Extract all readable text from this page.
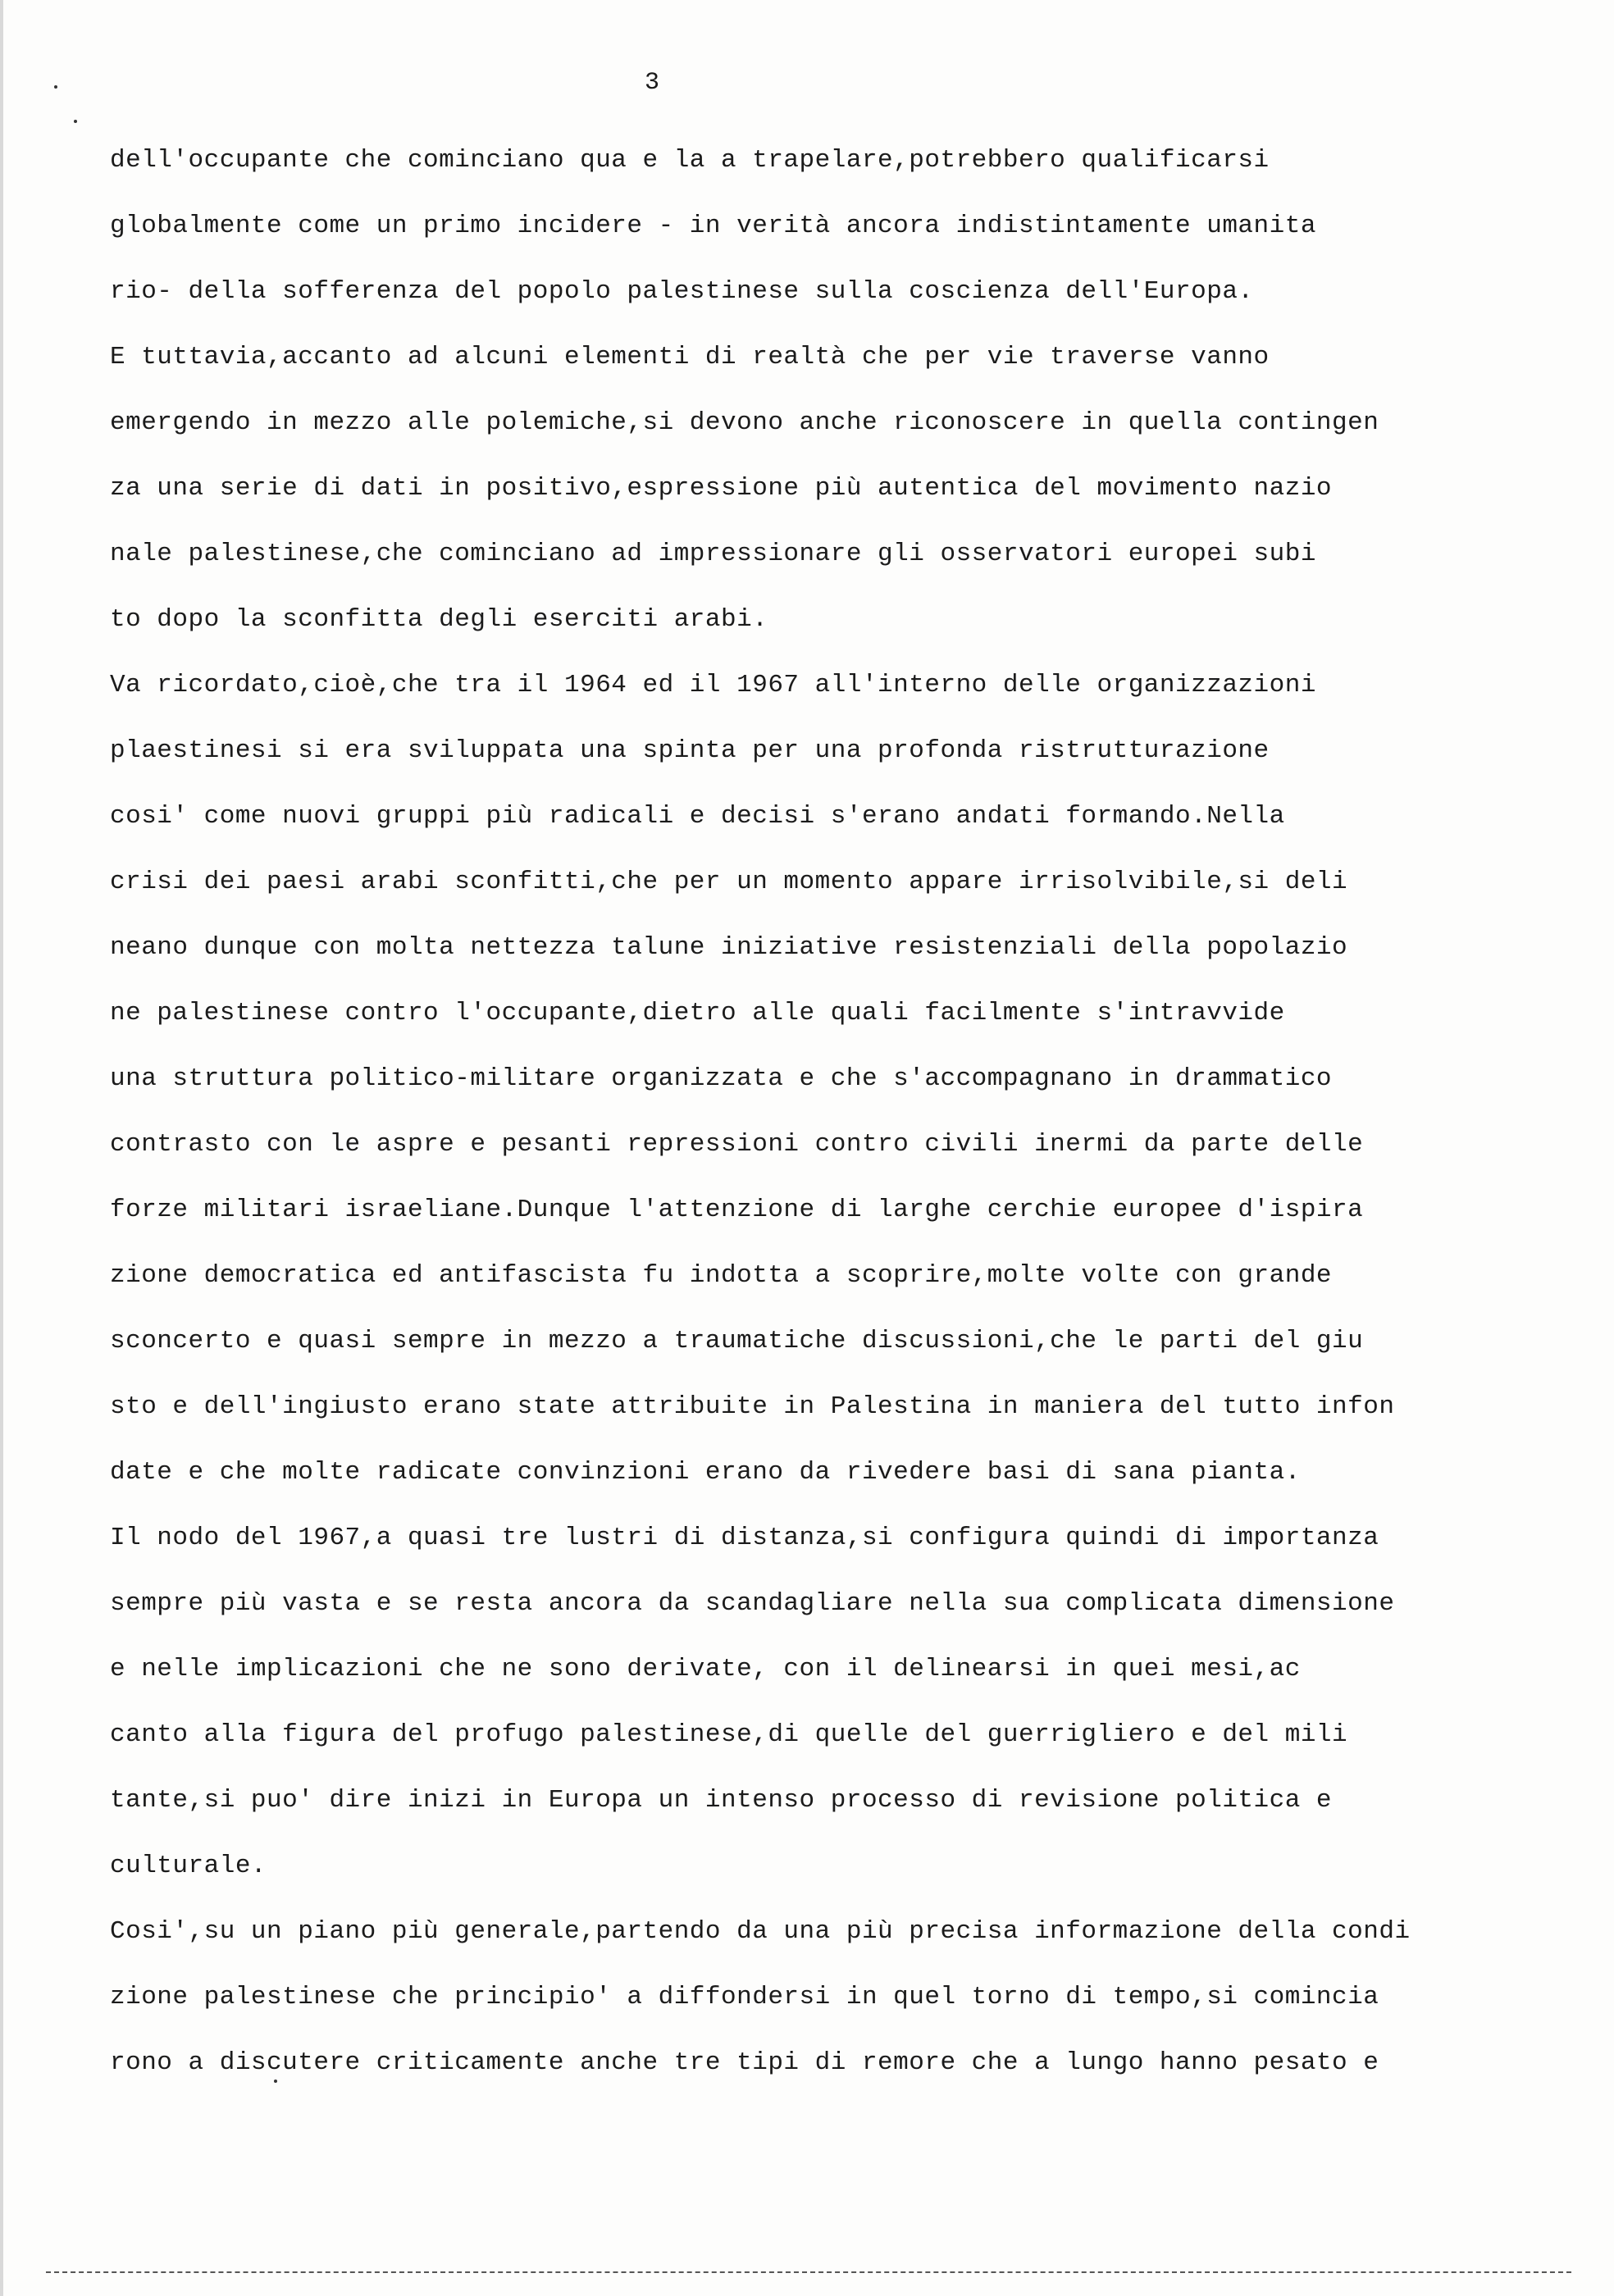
3
dell'occupante che cominciano qua e la a trapelare,potrebbero qualificarsi
globalmente come un primo incidere - in verità ancora indistintamente umanita
rio- della sofferenza del popolo palestinese sulla coscienza dell'Europa.
E tuttavia,accanto ad alcuni elementi di realtà che per vie traverse vanno
emergendo in mezzo alle polemiche,si devono anche riconoscere in quella contingen
za una serie di dati in positivo,espressione più autentica del movimento nazio
nale palestinese,che cominciano ad impressionare gli osservatori europei subi
to dopo la sconfitta degli eserciti arabi.
Va ricordato,cioè,che tra il 1964 ed il 1967 all'interno delle organizzazioni
plaestinesi si era sviluppata una spinta per una profonda ristrutturazione
cosi' come nuovi gruppi più radicali e decisi s'erano andati formando.Nella
crisi dei paesi arabi sconfitti,che per un momento appare irrisolvibile,si deli
neano dunque con molta nettezza talune iniziative resistenziali della popolazio
ne palestinese contro l'occupante,dietro alle quali facilmente s'intravvide
una struttura politico-militare organizzata e che s'accompagnano in drammatico
contrasto con le aspre e pesanti repressioni contro civili inermi da parte delle
forze militari israeliane.Dunque l'attenzione di larghe cerchie europee d'ispira
zione democratica ed antifascista fu indotta a scoprire,molte volte con grande
sconcerto e quasi sempre in mezzo a traumatiche discussioni,che le parti del giu
sto e dell'ingiusto erano state attribuite in Palestina in maniera del tutto infon
date e che molte radicate convinzioni erano da rivedere basi di sana pianta.
Il nodo del 1967,a quasi tre lustri di distanza,si configura quindi di importanza
sempre più vasta e se resta ancora da scandagliare nella sua complicata dimensione
e nelle implicazioni che ne sono derivate, con il delinearsi in quei mesi,ac
canto alla figura del profugo palestinese,di quelle del guerrigliero e del mili
tante,si puo' dire inizi in Europa un intenso processo di revisione politica e
culturale.
Cosi',su un piano più generale,partendo da una più precisa informazione della condi
zione palestinese che principio' a diffondersi in quel torno di tempo,si comincia
rono a discutere criticamente anche tre tipi di remore che a lungo hanno pesato e
